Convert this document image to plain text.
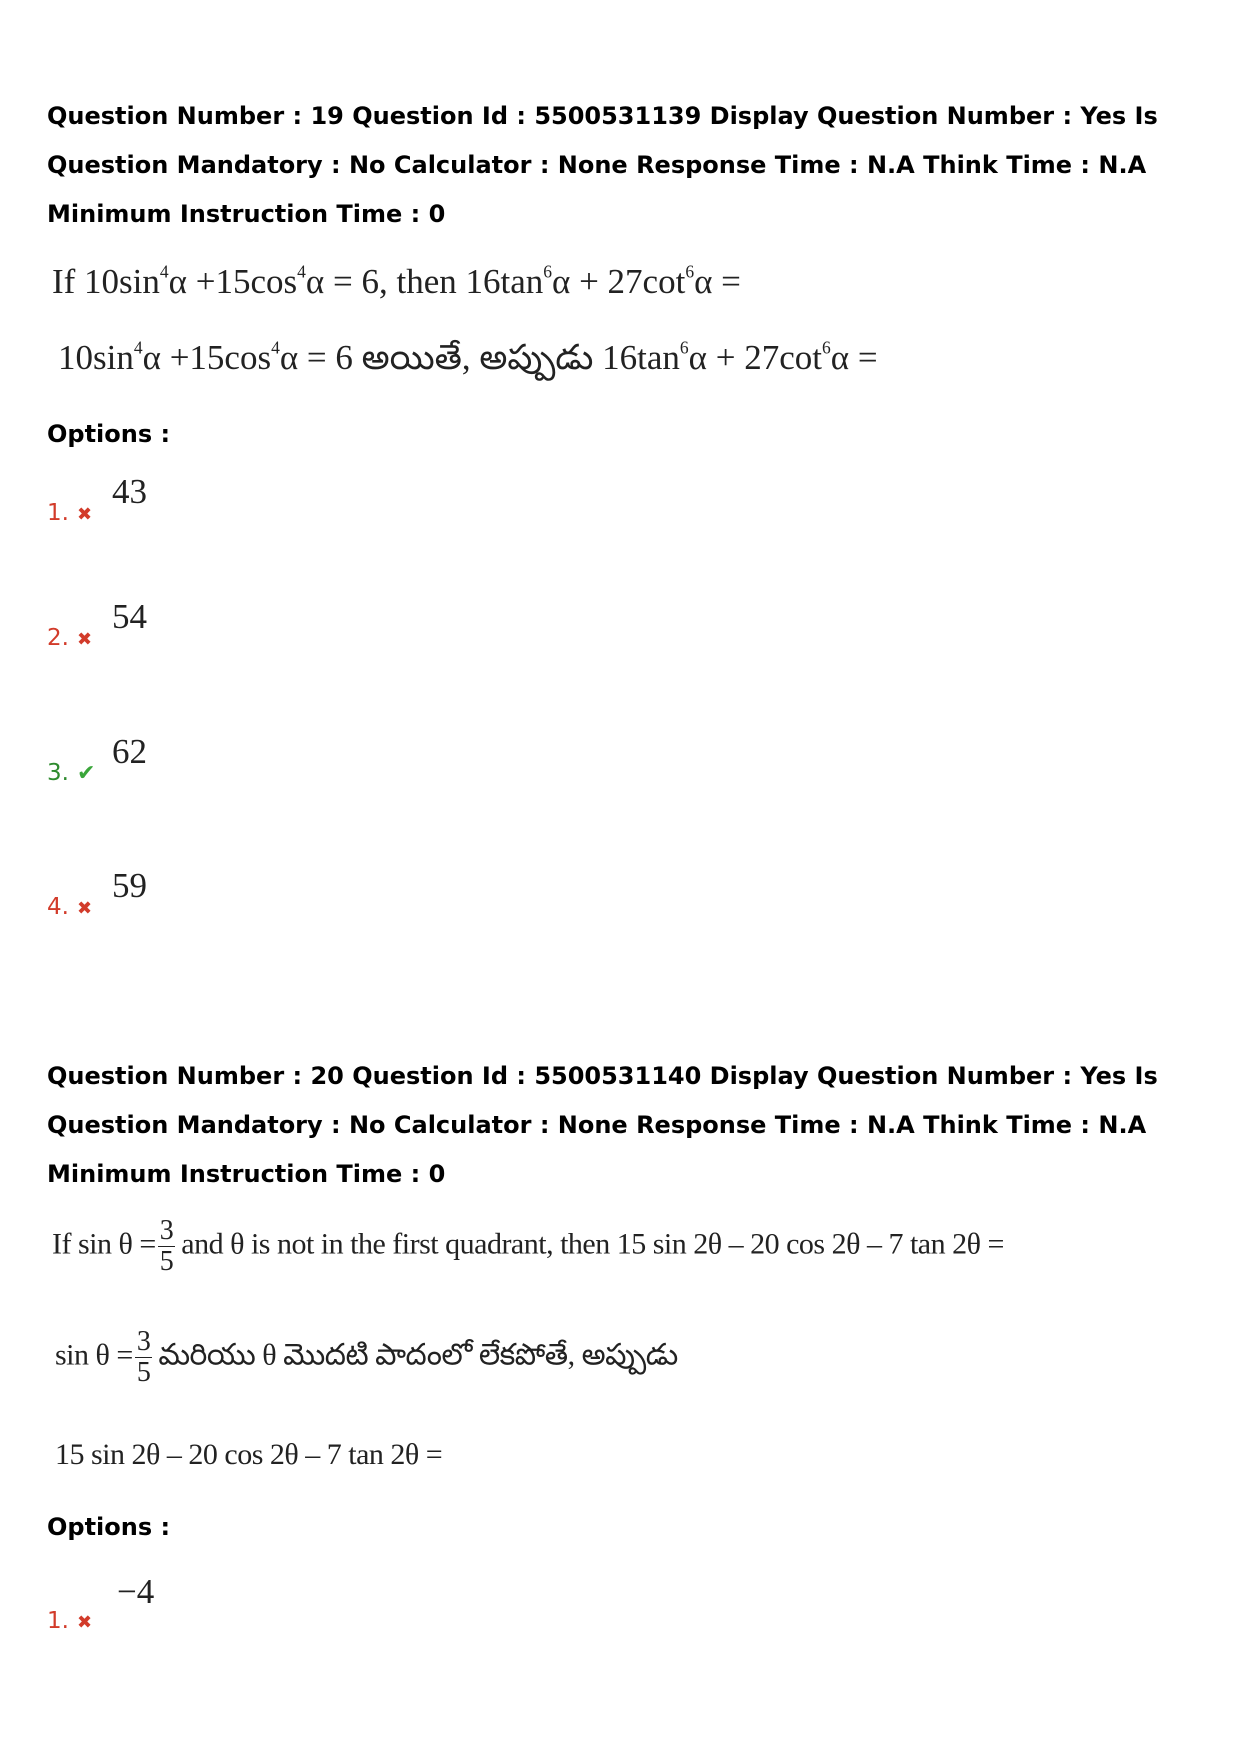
Question Number : 19 Question Id : 5500531139 Display Question Number : Yes Is Question Mandatory : No Calculator : None Response Time : N.A Think Time : N.A Minimum Instruction Time : 0
If $10\sin^4\alpha +15\cos^4\alpha = 6$, then $16\tan^6\alpha + 27\cot^6\alpha$ =
$10\sin^4\alpha +15\cos^4\alpha = 6$ అయితే, అప్పుడు $16\tan^6\alpha + 27\cot^6\alpha$ =
Options :
1. ✖
43
2. ✖
54
3. ✔
62
4. ✖
59
Question Number : 20 Question Id : 5500531140 Display Question Number : Yes Is Question Mandatory : No Calculator : None Response Time : N.A Think Time : N.A Minimum Instruction Time : 0
If $\sin \theta = \frac{3}{5}$ and θ is not in the first quadrant, then 15 sin 2θ – 20 cos 2θ – 7 tan 2θ =
$\sin \theta = \frac{3}{5}$ మరియు θ మొదటి పాదంలో లేకపోతే, అప్పుడు
15 sin 2θ – 20 cos 2θ – 7 tan 2θ =
Options :
1. ✖
−4
